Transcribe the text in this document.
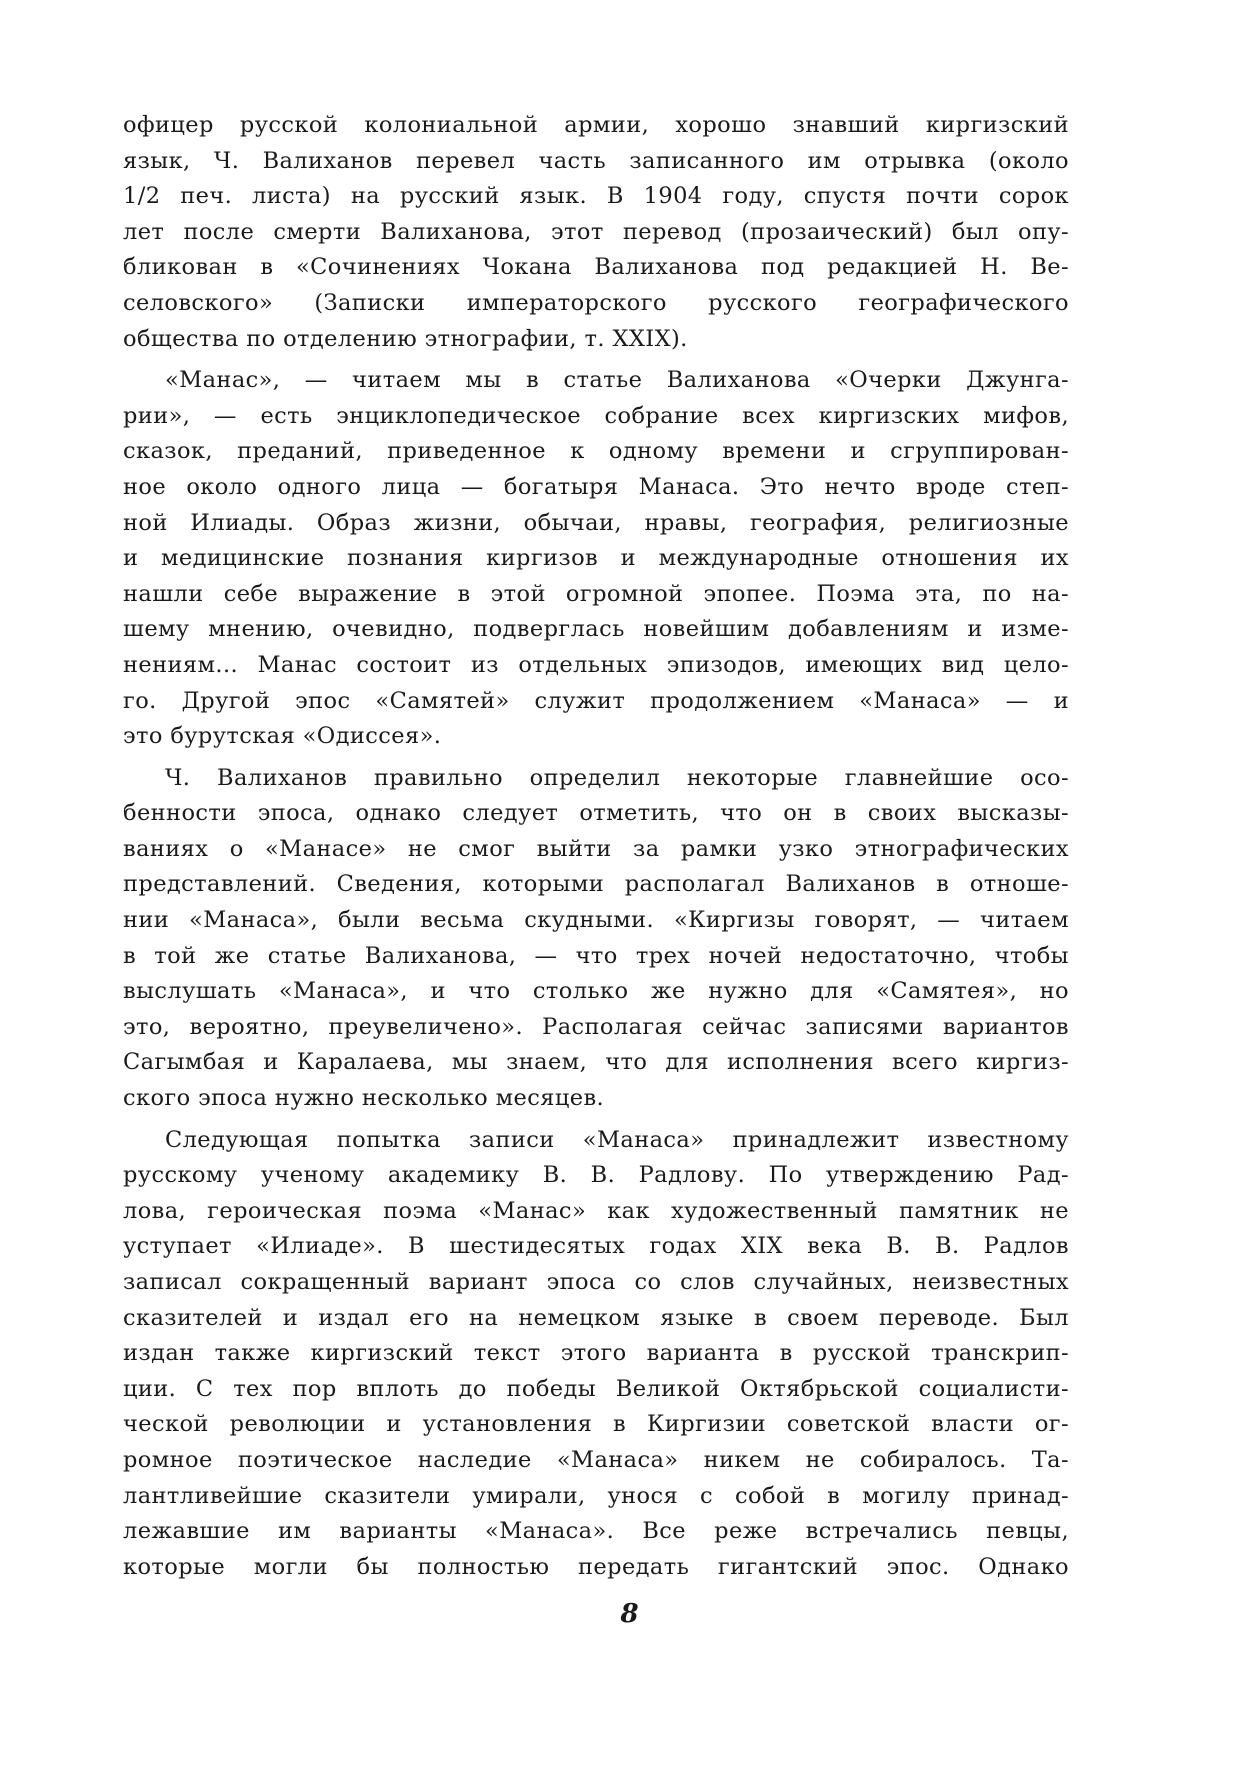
офицер русской колониальной армии, хорошо знавший киргизский
язык, Ч. Валиханов перевел часть записанного им отрывка (около
1/2 печ. листа) на русский язык. В 1904 году, спустя почти сорок
лет после смерти Валиханова, этот перевод (прозаический) был опу-
бликован в «Сочинениях Чокана Валиханова под редакцией Н. Ве-
селовского» (Записки императорского русского географического
общества по отделению этнографии, т. XXIX).
«Манас», — читаем мы в статье Валиханова «Очерки Джунга-
рии», — есть энциклопедическое собрание всех киргизских мифов,
сказок, преданий, приведенное к одному времени и сгруппирован-
ное около одного лица — богатыря Манаса. Это нечто вроде степ-
ной Илиады. Образ жизни, обычаи, нравы, география, религиозные
и медицинские познания киргизов и международные отношения их
нашли себе выражение в этой огромной эпопее. Поэма эта, по на-
шему мнению, очевидно, подверглась новейшим добавлениям и изме-
нениям... Манас состоит из отдельных эпизодов, имеющих вид цело-
го. Другой эпос «Самятей» служит продолжением «Манаса» — и
это бурутская «Одиссея».
Ч. Валиханов правильно определил некоторые главнейшие осо-
бенности эпоса, однако следует отметить, что он в своих высказы-
ваниях о «Манасе» не смог выйти за рамки узко этнографических
представлений. Сведения, которыми располагал Валиханов в отноше-
нии «Манаса», были весьма скудными. «Киргизы говорят, — читаем
в той же статье Валиханова, — что трех ночей недостаточно, чтобы
выслушать «Манаса», и что столько же нужно для «Самятея», но
это, вероятно, преувеличено». Располагая сейчас записями вариантов
Сагымбая и Каралаева, мы знаем, что для исполнения всего киргиз-
ского эпоса нужно несколько месяцев.
Следующая попытка записи «Манаса» принадлежит известному
русскому ученому академику В. В. Радлову. По утверждению Рад-
лова, героическая поэма «Манас» как художественный памятник не
уступает «Илиаде». В шестидесятых годах XIX века В. В. Радлов
записал сокращенный вариант эпоса со слов случайных, неизвестных
сказителей и издал его на немецком языке в своем переводе. Был
издан также киргизский текст этого варианта в русской транскрип-
ции. С тех пор вплоть до победы Великой Октябрьской социалисти-
ческой революции и установления в Киргизии советской власти ог-
ромное поэтическое наследие «Манаса» никем не собиралось. Та-
лантливейшие сказители умирали, унося с собой в могилу принад-
лежавшие им варианты «Манаса». Все реже встречались певцы,
которые могли бы полностью передать гигантский эпос. Однако
8
